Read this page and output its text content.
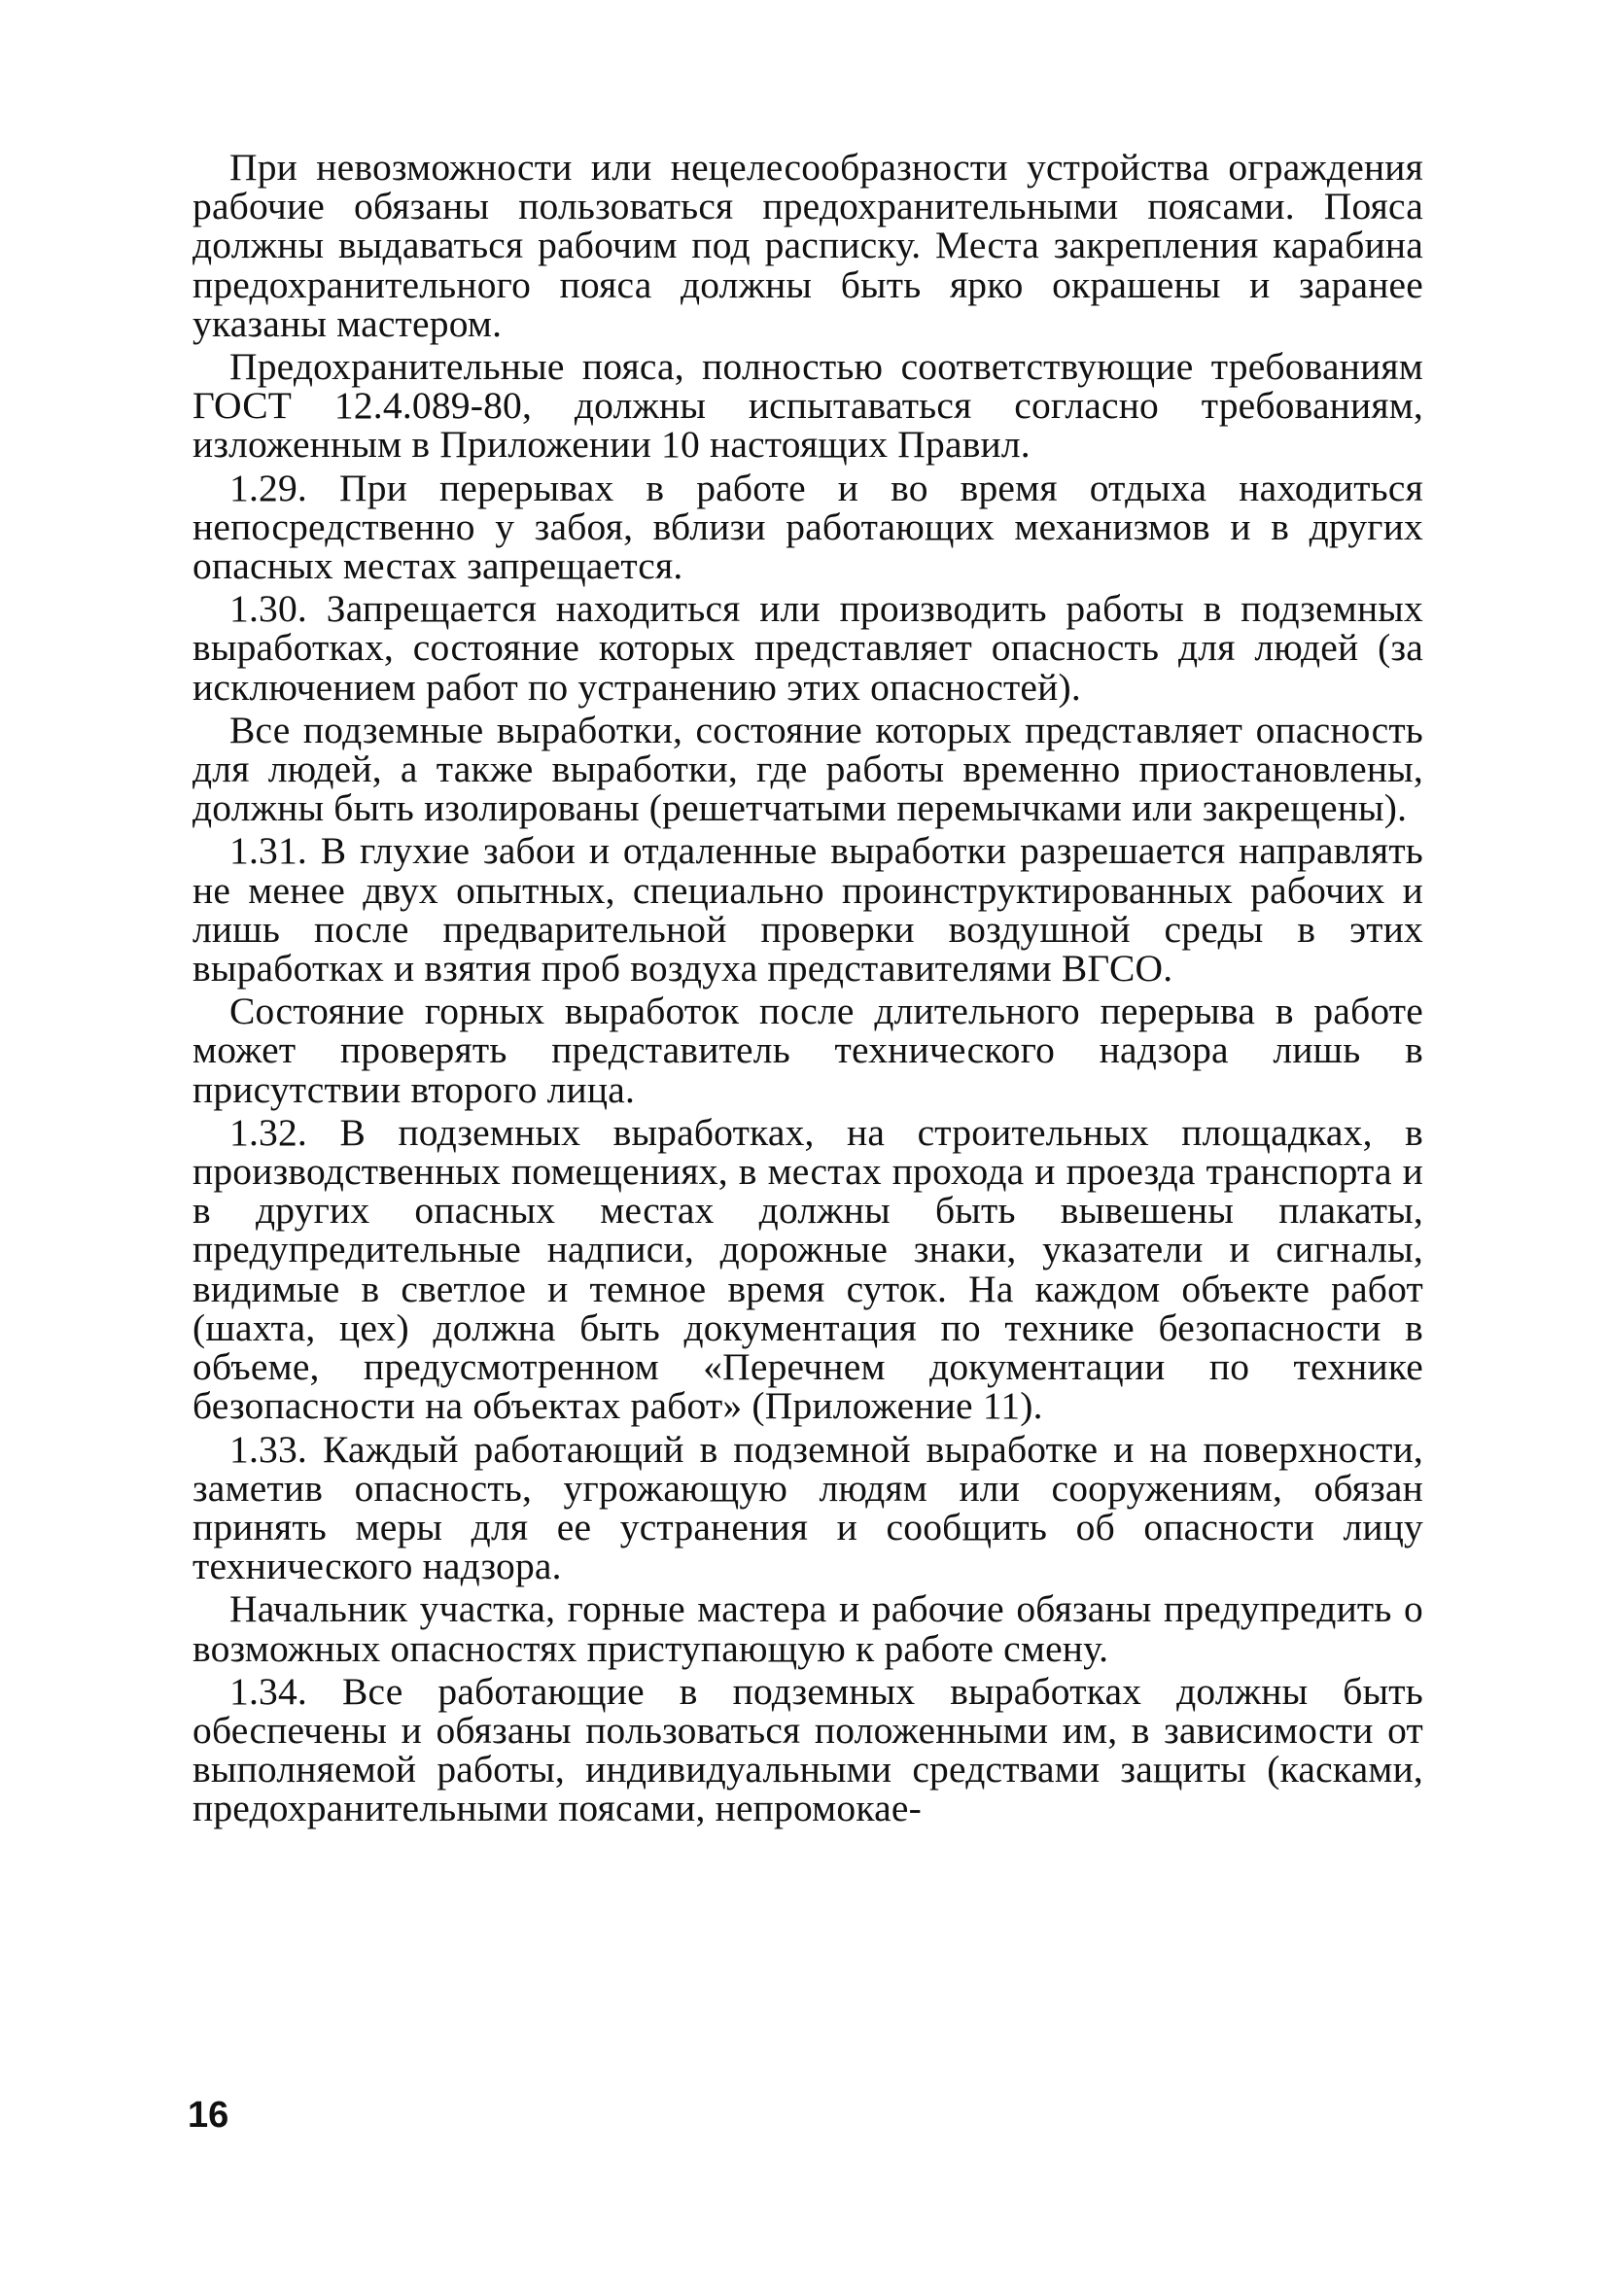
При невозможности или нецелесообразности устройства ограждения рабочие обязаны пользоваться предохранительными поясами. Пояса должны выдаваться рабочим под расписку. Места закрепления карабина предохранительного пояса должны быть ярко окрашены и заранее указаны мастером.

Предохранительные пояса, полностью соответствующие требованиям ГОСТ 12.4.089-80, должны испытаваться согласно требованиям, изложенным в Приложении 10 настоящих Правил.

1.29. При перерывах в работе и во время отдыха находиться непосредственно у забоя, вблизи работающих механизмов и в других опасных местах запрещается.

1.30. Запрещается находиться или производить работы в подземных выработках, состояние которых представляет опасность для людей (за исключением работ по устранению этих опасностей).

Все подземные выработки, состояние которых представляет опасность для людей, а также выработки, где работы временно приостановлены, должны быть изолированы (решетчатыми перемычками или закрещены).

1.31. В глухие забои и отдаленные выработки разрешается направлять не менее двух опытных, специально проинструктированных рабочих и лишь после предварительной проверки воздушной среды в этих выработках и взятия проб воздуха представителями ВГСО.

Состояние горных выработок после длительного перерыва в работе может проверять представитель технического надзора лишь в присутствии второго лица.

1.32. В подземных выработках, на строительных площадках, в производственных помещениях, в местах прохода и проезда транспорта и в других опасных местах должны быть вывешены плакаты, предупредительные надписи, дорожные знаки, указатели и сигналы, видимые в светлое и темное время суток. На каждом объекте работ (шахта, цех) должна быть документация по технике безопасности в объеме, предусмотренном «Перечнем документации по технике безопасности на объектах работ» (Приложение 11).

1.33. Каждый работающий в подземной выработке и на поверхности, заметив опасность, угрожающую людям или сооружениям, обязан принять меры для ее устранения и сообщить об опасности лицу технического надзора.

Начальник участка, горные мастера и рабочие обязаны предупредить о возможных опасностях приступающую к работе смену.

1.34. Все работающие в подземных выработках должны быть обеспечены и обязаны пользоваться положенными им, в зависимости от выполняемой работы, индивидуальными средствами защиты (касками, предохранительными поясами, непромокае-

16
